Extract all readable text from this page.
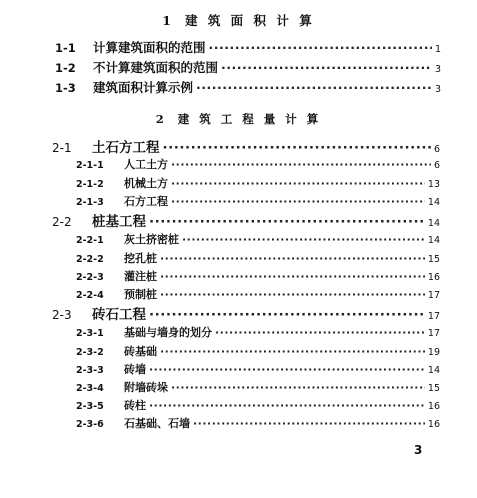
1 建 筑 面 积 计 算
1-1	计算建筑面积的范围 ·····	1
1-2	不计算建筑面积的范围 ·····	3
1-3	建筑面积计算示例 ·····	3
2 建 筑 工 程 量 计 算
2-1	土石方工程 ·····	6
2-1-1	人工土方 ·····	6
2-1-2	机械土方 ·····	13
2-1-3	石方工程 ·····	14
2-2	桩基工程 ·····	14
2-2-1	灰土挤密桩 ·····	14
2-2-2	挖孔桩 ·····	15
2-2-3	灌注桩 ·····	16
2-2-4	预制桩 ·····	17
2-3	砖石工程 ·····	17
2-3-1	基础与墙身的划分 ·····	17
2-3-2	砖基础 ·····	19
2-3-3	砖墙 ·····	14
2-3-4	附墙砖垛 ·····	15
2-3-5	砖柱 ·····	16
2-3-6	石基础、石墙 ·····	16
3
